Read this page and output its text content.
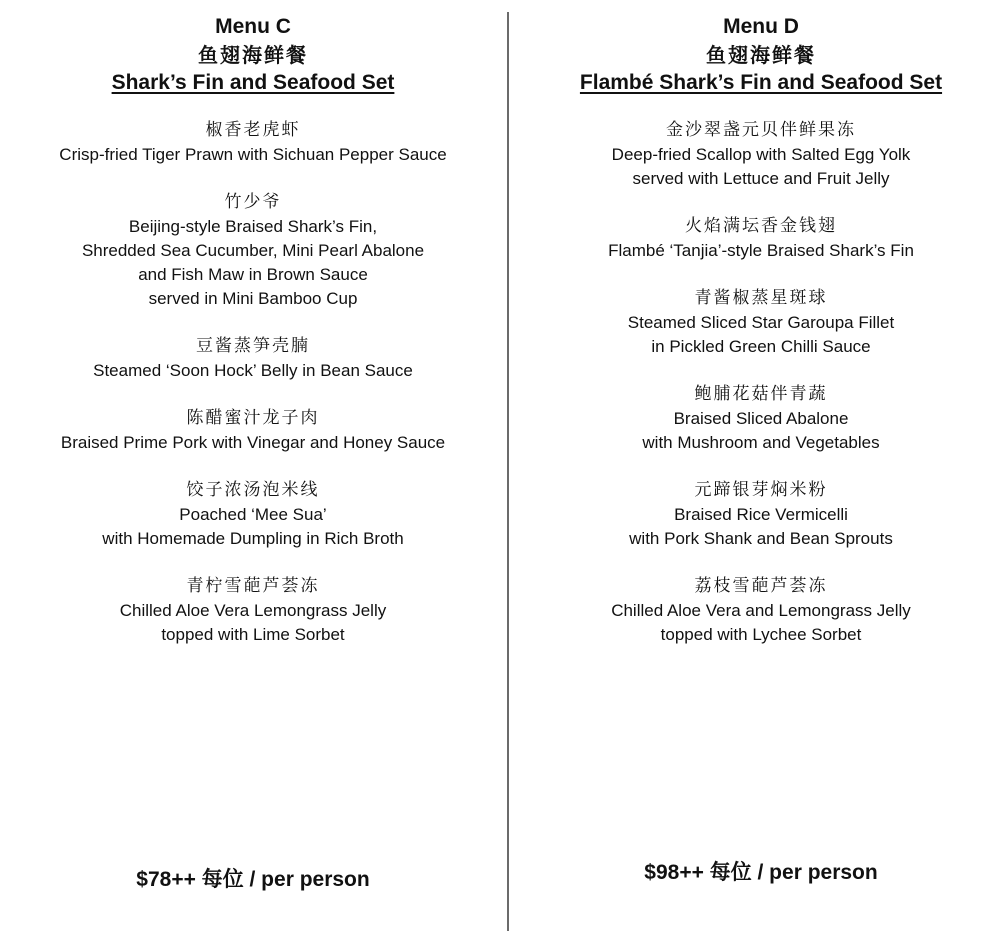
Menu C
鱼翅海鲜餐
Shark’s Fin and Seafood Set
椒香老虎虾
Crisp-fried Tiger Prawn with Sichuan Pepper Sauce
竹少爷
Beijing-style Braised Shark’s Fin,
Shredded Sea Cucumber, Mini Pearl Abalone
and Fish Maw in Brown Sauce
served in Mini Bamboo Cup
豆酱蒸笋壳腩
Steamed ‘Soon Hock’ Belly in Bean Sauce
陈醋蜜汁龙子肉
Braised Prime Pork with Vinegar and Honey Sauce
饺子浓汤泡米线
Poached ‘Mee Sua’
with Homemade Dumpling in Rich Broth
青柠雪葩芦荟冻
Chilled Aloe Vera Lemongrass Jelly
topped with Lime Sorbet
$78++ 每位 / per person
Menu D
鱼翅海鲜餐
Flambé Shark’s Fin and Seafood Set
金沙翠盏元贝伴鲜果冻
Deep-fried Scallop with Salted Egg Yolk
served with Lettuce and Fruit Jelly
火焰满坛香金钱翅
Flambé ‘Tanjia’-style Braised Shark’s Fin
青酱椒蒸星斑球
Steamed Sliced Star Garoupa Fillet
in Pickled Green Chilli Sauce
鲍脯花菇伴青蔬
Braised Sliced Abalone
with Mushroom and Vegetables
元蹄银芽焖米粉
Braised Rice Vermicelli
with Pork Shank and Bean Sprouts
荔枝雪葩芦荟冻
Chilled Aloe Vera and Lemongrass Jelly
topped with Lychee Sorbet
$98++ 每位 / per person
